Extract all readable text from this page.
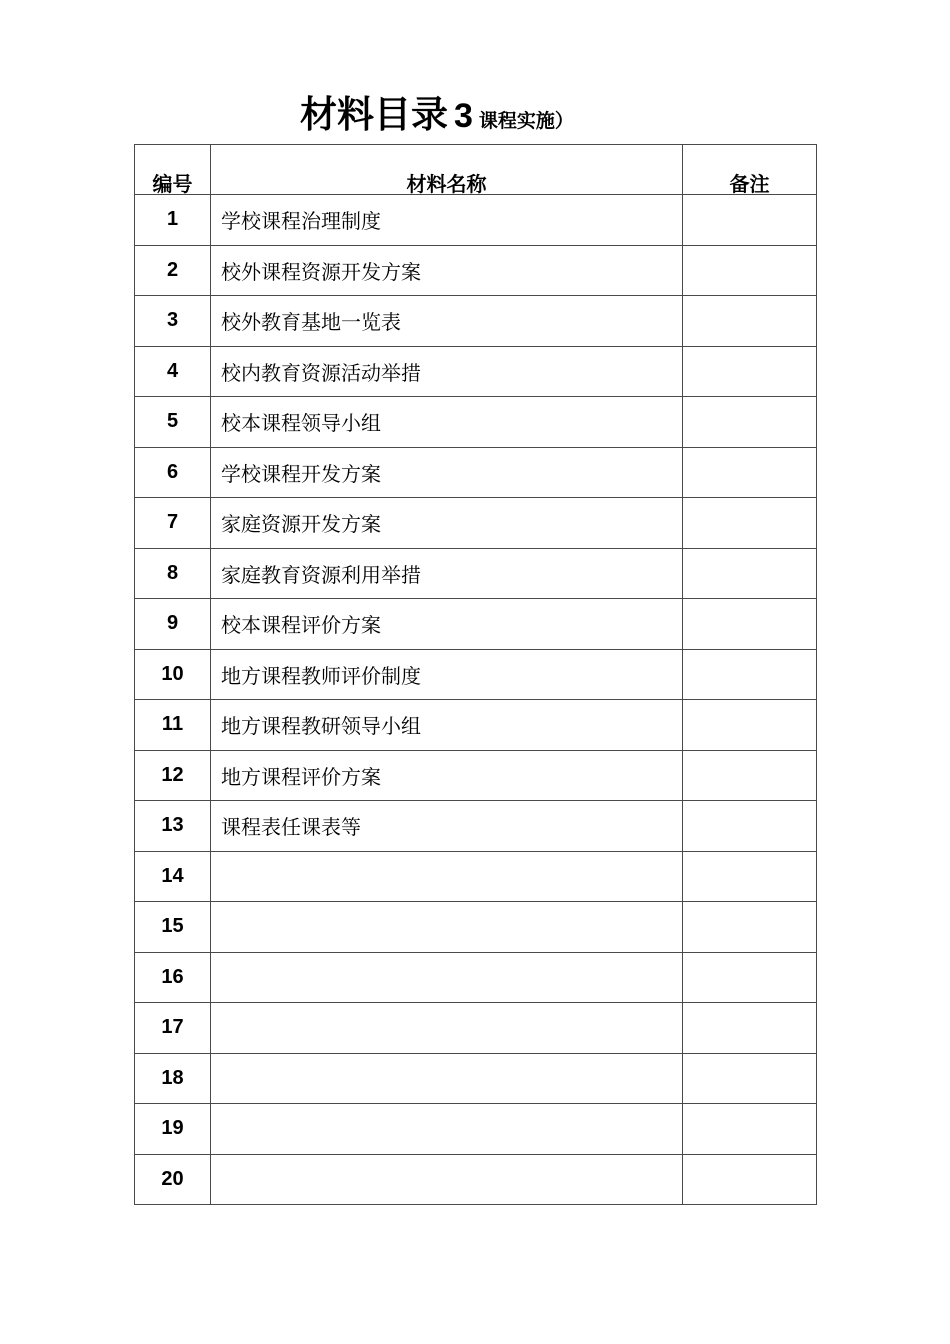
材料目录 3 课程实施）
编号	材料名称	备注
1	学校课程治理制度	
2	校外课程资源开发方案	
3	校外教育基地一览表	
4	校内教育资源活动举措	
5	校本课程领导小组	
6	学校课程开发方案	
7	家庭资源开发方案	
8	家庭教育资源利用举措	
9	校本课程评价方案	
10	地方课程教师评价制度	
11	地方课程教研领导小组	
12	地方课程评价方案	
13	课程表任课表等	
14		
15		
16		
17		
18		
19		
20		
